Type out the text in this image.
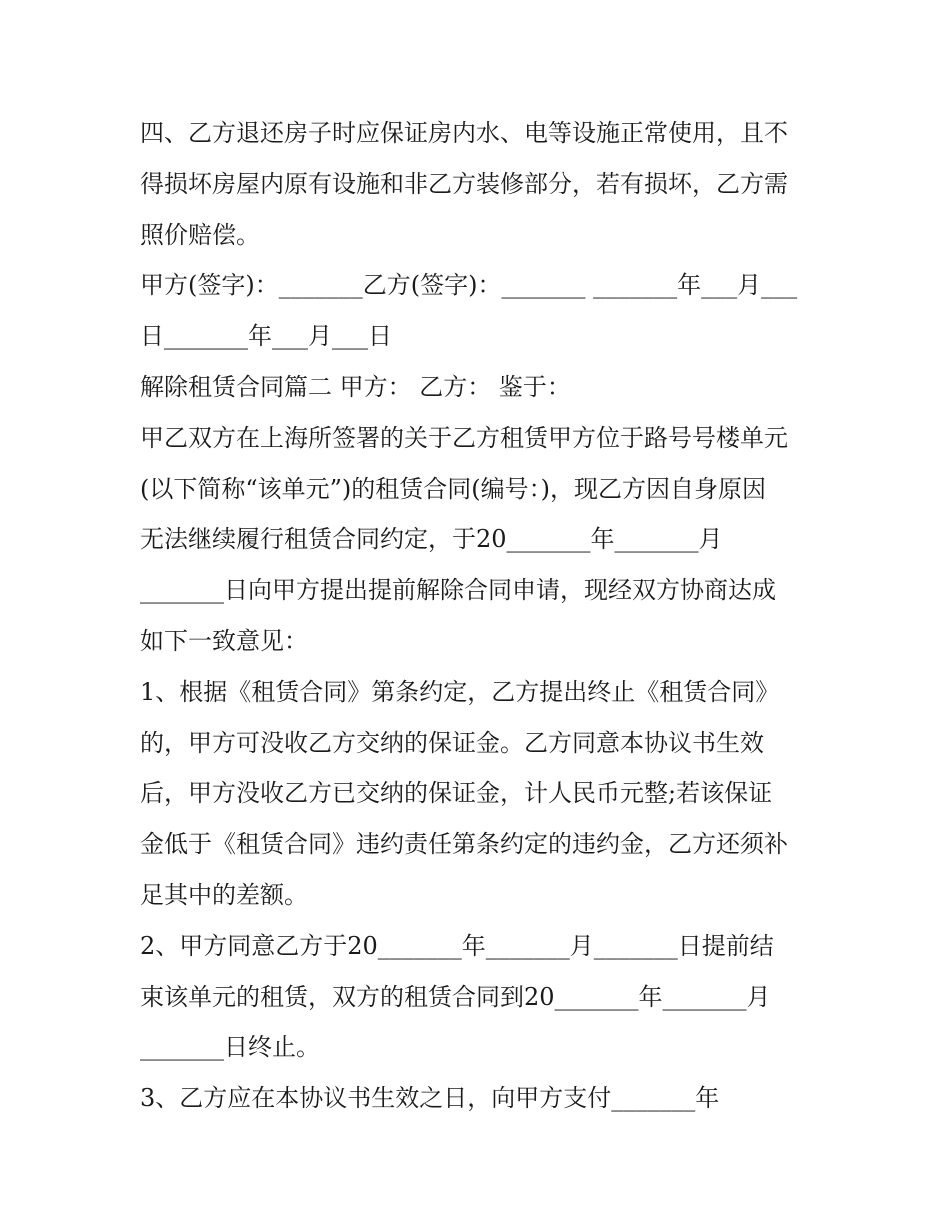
四、乙方退还房子时应保证房内水、电等设施正常使用，且不
得损坏房屋内原有设施和非乙方装修部分，若有损坏，乙方需
照价赔偿。
甲方(签字)：_______乙方(签字)：_______ _______年___月___
日_______年___月___日
解除租赁合同篇二 甲方： 乙方： 鉴于：
甲乙双方在上海所签署的关于乙方租赁甲方位于路号号楼单元
(以下简称“该单元”)的租赁合同(编号：)，现乙方因自身原因
无法继续履行租赁合同约定，于20_______年_______月
_______日向甲方提出提前解除合同申请，现经双方协商达成
如下一致意见：
1、根据《租赁合同》第条约定，乙方提出终止《租赁合同》
的，甲方可没收乙方交纳的保证金。乙方同意本协议书生效
后，甲方没收乙方已交纳的保证金，计人民币元整;若该保证
金低于《租赁合同》违约责任第条约定的违约金，乙方还须补
足其中的差额。
2、甲方同意乙方于20_______年_______月_______日提前结
束该单元的租赁，双方的租赁合同到20_______年_______月
_______日终止。
3、乙方应在本协议书生效之日，向甲方支付_______年
